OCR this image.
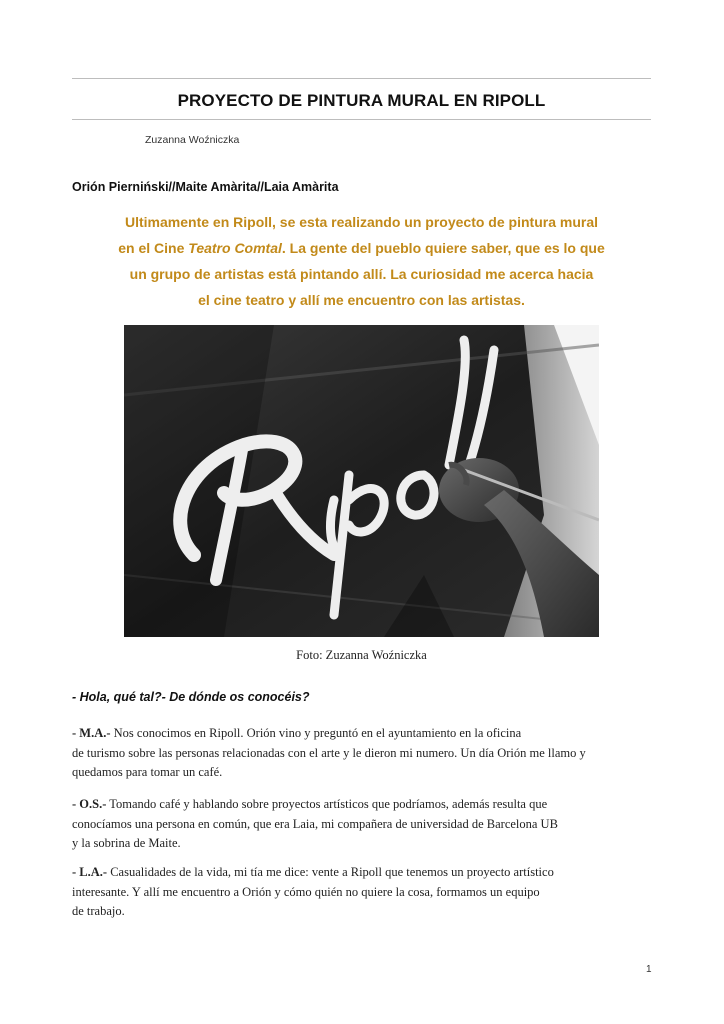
PROYECTO DE PINTURA MURAL EN RIPOLL
Zuzanna Woźniczka
Orión Pierniński//Maite Amàrita//Laia Amàrita
Ultimamente en Ripoll, se esta realizando un proyecto de pintura mural
en el Cine Teatro Comtal. La gente del pueblo quiere saber, que es lo que
un grupo de artistas está pintando allí. La curiosidad me acerca hacia
el cine teatro y allí me encuentro con las artistas.
Foto: Zuzanna Woźniczka
- Hola, qué tal?- De dónde os conocéis?
- M.A.- Nos conocimos en Ripoll. Orión vino y preguntó en el ayuntamiento en la oficina
de turismo sobre las personas relacionadas con el arte y le dieron mi numero. Un día Orión me llamo y
quedamos para tomar un café.
- O.S.- Tomando café y hablando sobre proyectos artísticos que podríamos, además resulta que
conocíamos una persona en común, que era Laia, mi compañera de universidad de Barcelona UB
y la sobrina de Maite.
- L.A.- Casualidades de la vida, mi tía me dice: vente a Ripoll que tenemos un proyecto artístico
interesante. Y allí me encuentro a Orión y cómo quién no quiere la cosa, formamos un equipo
de trabajo.
1
